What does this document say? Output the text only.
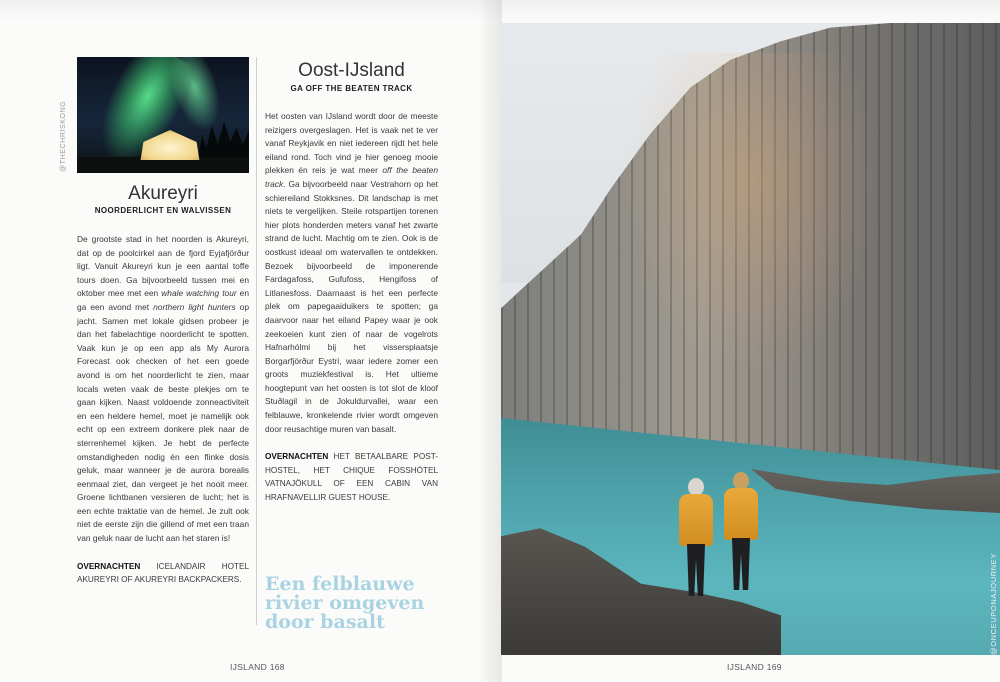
@THECHRISKONG
Akureyri
NOORDERLICHT EN WALVISSEN

De grootste stad in het noorden is Akureyri, dat op de poolcirkel aan de fjord Eyjafjörður ligt. Vanuit Akureyri kun je een aantal toffe tours doen. Ga bijvoorbeeld tussen mei en oktober mee met een whale watching tour en ga een avond met northern light hunters op jacht. Samen met lokale gidsen probeer je dan het fabelachtige noorderlicht te spotten. Vaak kun je op een app als My Aurora Forecast ook checken of het een goede avond is om het noorderlicht te zien, maar locals weten vaak de beste plekjes om te gaan kijken. Naast voldoende zonneactiviteit en een heldere hemel, moet je namelijk ook echt op een extreem donkere plek naar de sterrenhemel kijken. Je hebt de perfecte omstandigheden nodig én een flinke dosis geluk, maar wanneer je de aurora borealis eenmaal ziet, dan vergeet je het nooit meer. Groene lichtbanen versieren de lucht; het is een echte traktatie van de hemel. Je zult ook niet de eerste zijn die gillend of met een traan van geluk naar de lucht aan het staren is!

OVERNACHTEN ICELANDAIR HOTEL AKUREYRI OF AKUREYRI BACKPACKERS.

Oost-IJsland
GA OFF THE BEATEN TRACK

Het oosten van IJsland wordt door de meeste reizigers overgeslagen. Het is vaak net te ver vanaf Reykjavik en niet iedereen rijdt het hele eiland rond. Toch vind je hier genoeg mooie plekken én reis je wat meer off the beaten track. Ga bijvoorbeeld naar Vestrahorn op het schiereiland Stokksnes. Dit landschap is met niets te vergelijken. Steile rotspartijen torenen hier plots honderden meters vanaf het zwarte strand de lucht. Machtig om te zien. Ook is de oostkust ideaal om watervallen te ontdekken. Bezoek bijvoorbeeld de imponerende Fardagafoss, Gufufoss, Hengifoss of Litlanesfoss. Daarnaast is het een perfecte plek om papegaaiduikers te spotten; ga daarvoor naar het eiland Papey waar je ook zeekoeien kunt zien of naar de vogelrots Hafnarhólmi bij het vissersplaatsje Borgarfjörður Eystri, waar iedere zomer een groots muziekfestival is. Het ultieme hoogtepunt van het oosten is tot slot de kloof Stuðlagil in de Jokuldurvallei, waar een felblauwe, kronkelende rivier wordt omgeven door reusachtige muren van basalt.

OVERNACHTEN HET BETAALBARE POST-HOSTEL, HET CHIQUE FOSSHÓTEL VATNAJÖKULL OF EEN CABIN VAN HRAFNAVELLIR GUEST HOUSE.

Een felblauwe rivier omgeven door basalt
IJSLAND 168
@ONCEUPONAJOURNEY
IJSLAND 169
